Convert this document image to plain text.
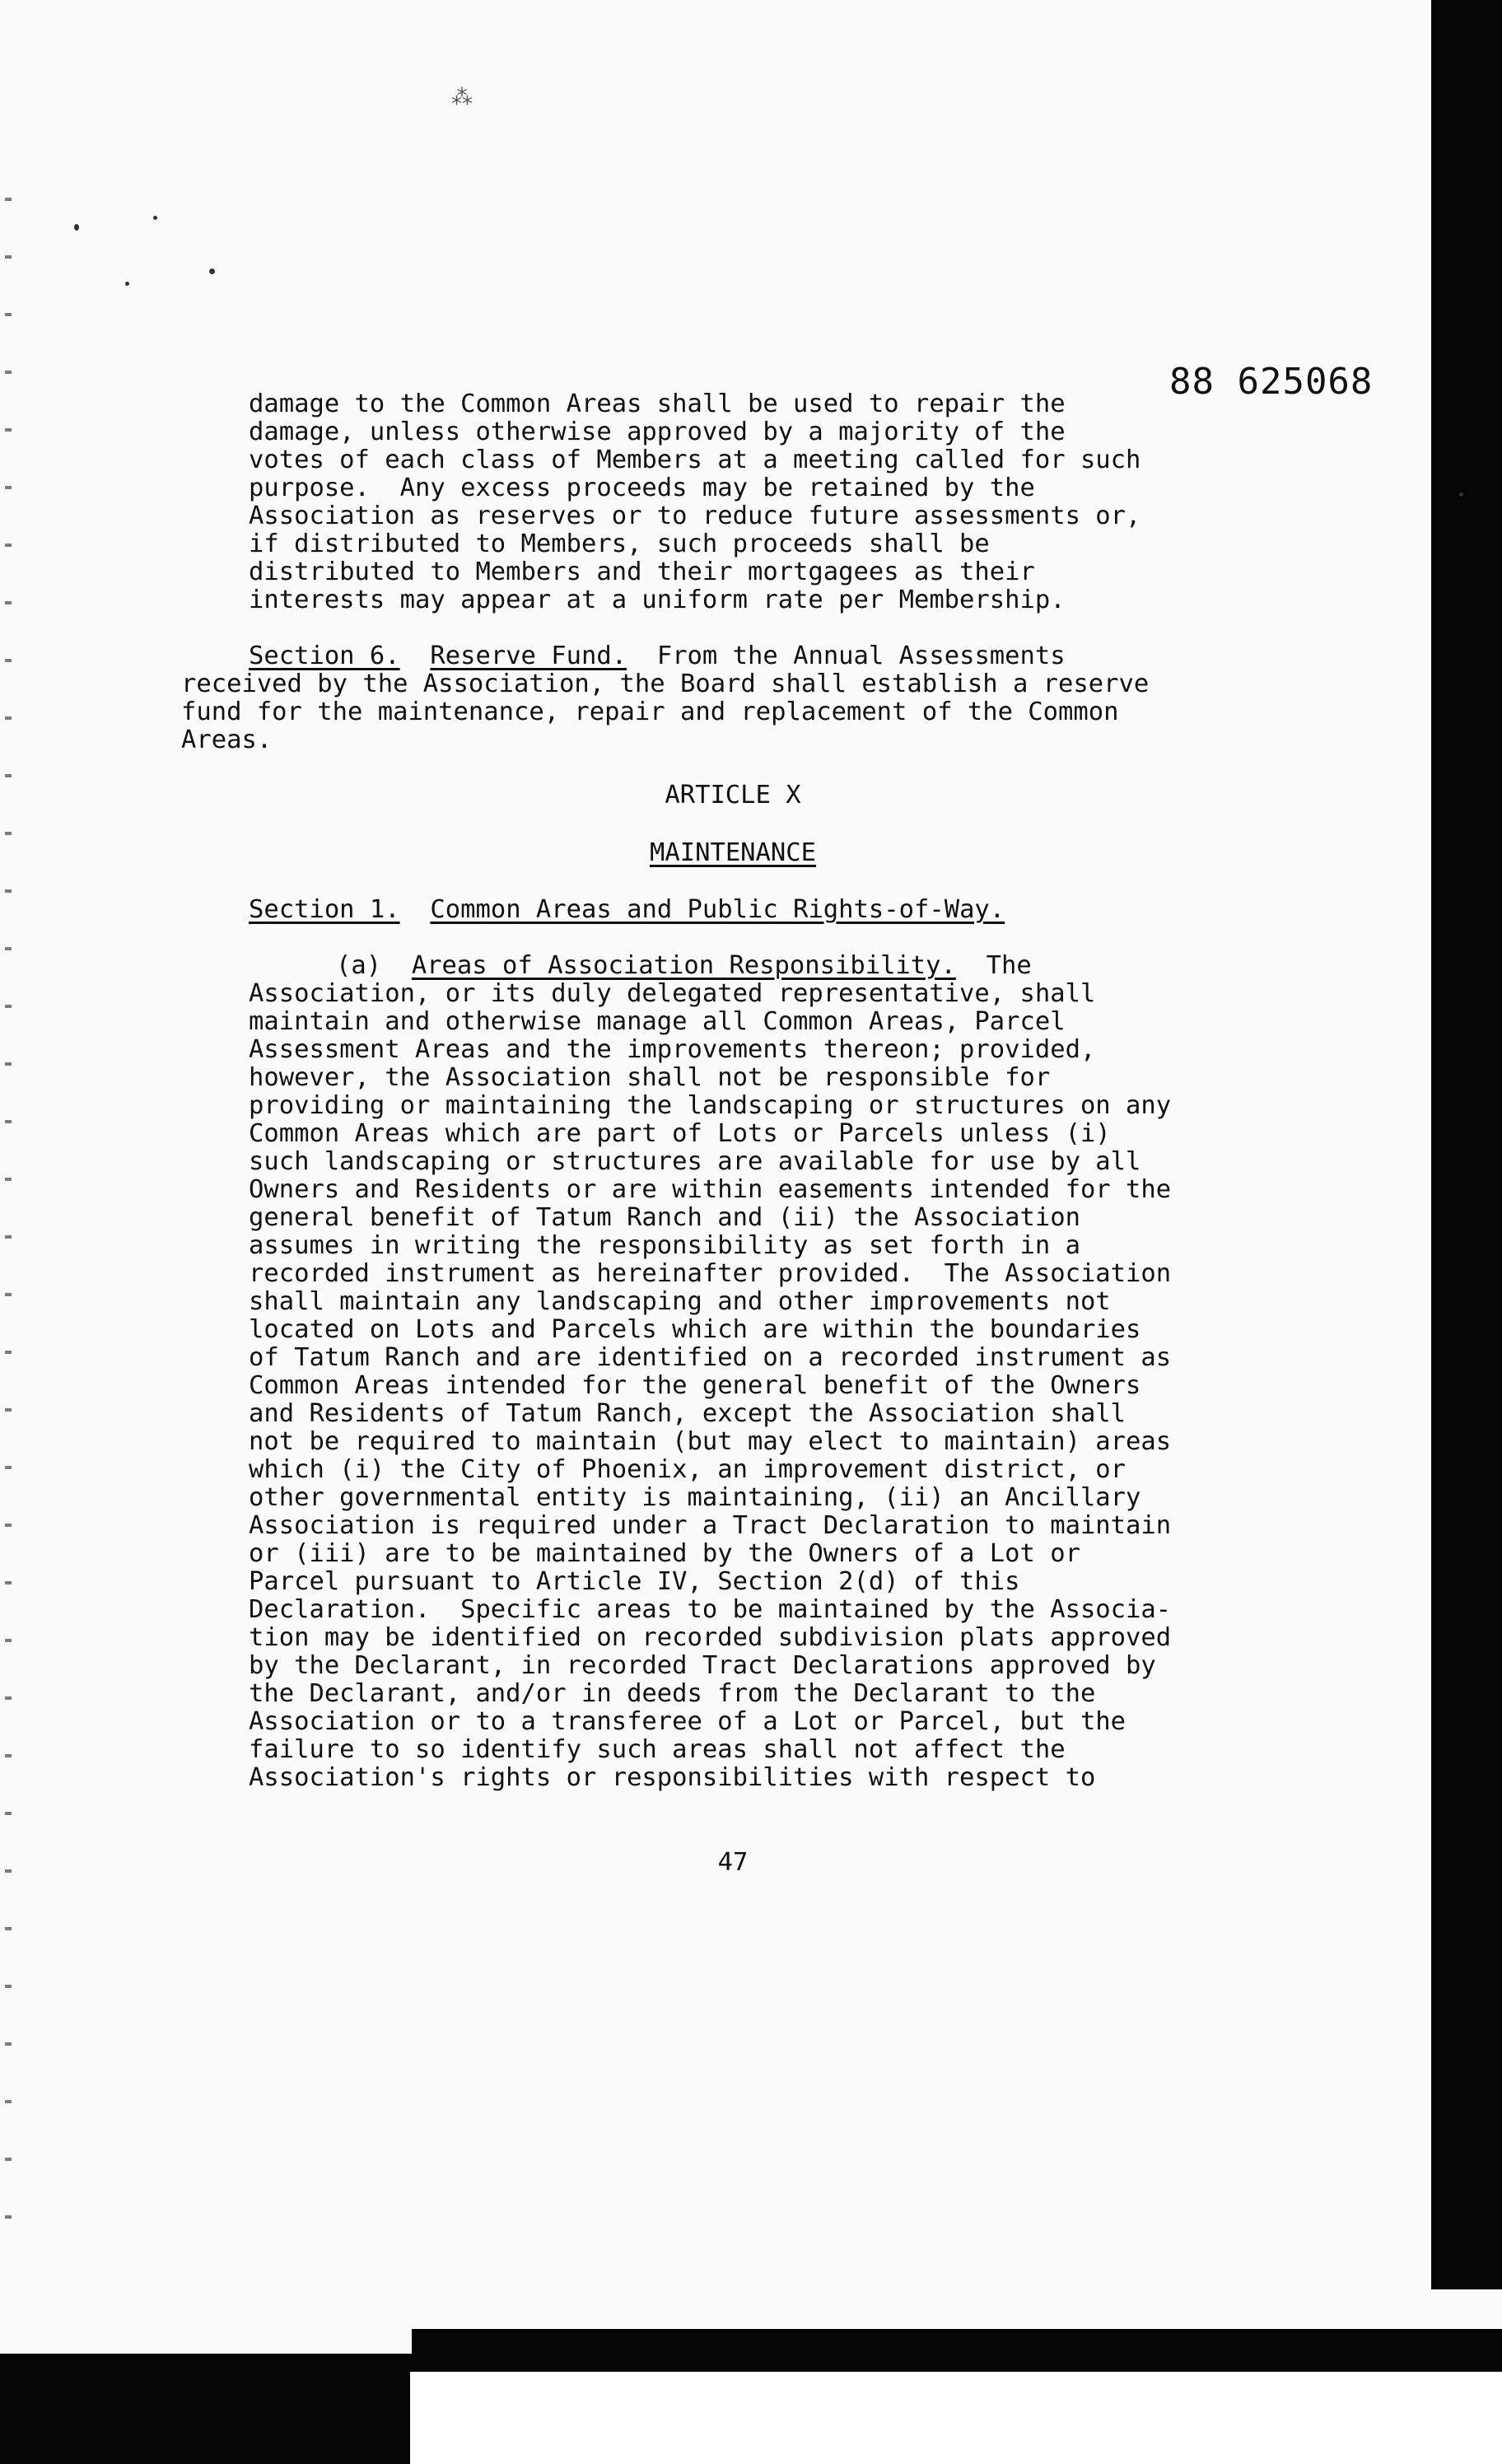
⁂
88 625068
damage to the Common Areas shall be used to repair the
damage, unless otherwise approved by a majority of the
votes of each class of Members at a meeting called for such
purpose.  Any excess proceeds may be retained by the
Association as reserves or to reduce future assessments or,
if distributed to Members, such proceeds shall be
distributed to Members and their mortgagees as their
interests may appear at a uniform rate per Membership.
Section 6. Reserve Fund. From the Annual Assessments
received by the Association, the Board shall establish a reserve
fund for the maintenance, repair and replacement of the Common
Areas.
ARTICLE X
MAINTENANCE
Section 1. Common Areas and Public Rights-of-Way.
(a) Areas of Association Responsibility. The
Association, or its duly delegated representative, shall
maintain and otherwise manage all Common Areas, Parcel
Assessment Areas and the improvements thereon; provided,
however, the Association shall not be responsible for
providing or maintaining the landscaping or structures on any
Common Areas which are part of Lots or Parcels unless (i)
such landscaping or structures are available for use by all
Owners and Residents or are within easements intended for the
general benefit of Tatum Ranch and (ii) the Association
assumes in writing the responsibility as set forth in a
recorded instrument as hereinafter provided.  The Association
shall maintain any landscaping and other improvements not
located on Lots and Parcels which are within the boundaries
of Tatum Ranch and are identified on a recorded instrument as
Common Areas intended for the general benefit of the Owners
and Residents of Tatum Ranch, except the Association shall
not be required to maintain (but may elect to maintain) areas
which (i) the City of Phoenix, an improvement district, or
other governmental entity is maintaining, (ii) an Ancillary
Association is required under a Tract Declaration to maintain
or (iii) are to be maintained by the Owners of a Lot or
Parcel pursuant to Article IV, Section 2(d) of this
Declaration.  Specific areas to be maintained by the Associa-
tion may be identified on recorded subdivision plats approved
by the Declarant, in recorded Tract Declarations approved by
the Declarant, and/or in deeds from the Declarant to the
Association or to a transferee of a Lot or Parcel, but the
failure to so identify such areas shall not affect the
Association's rights or responsibilities with respect to
47
